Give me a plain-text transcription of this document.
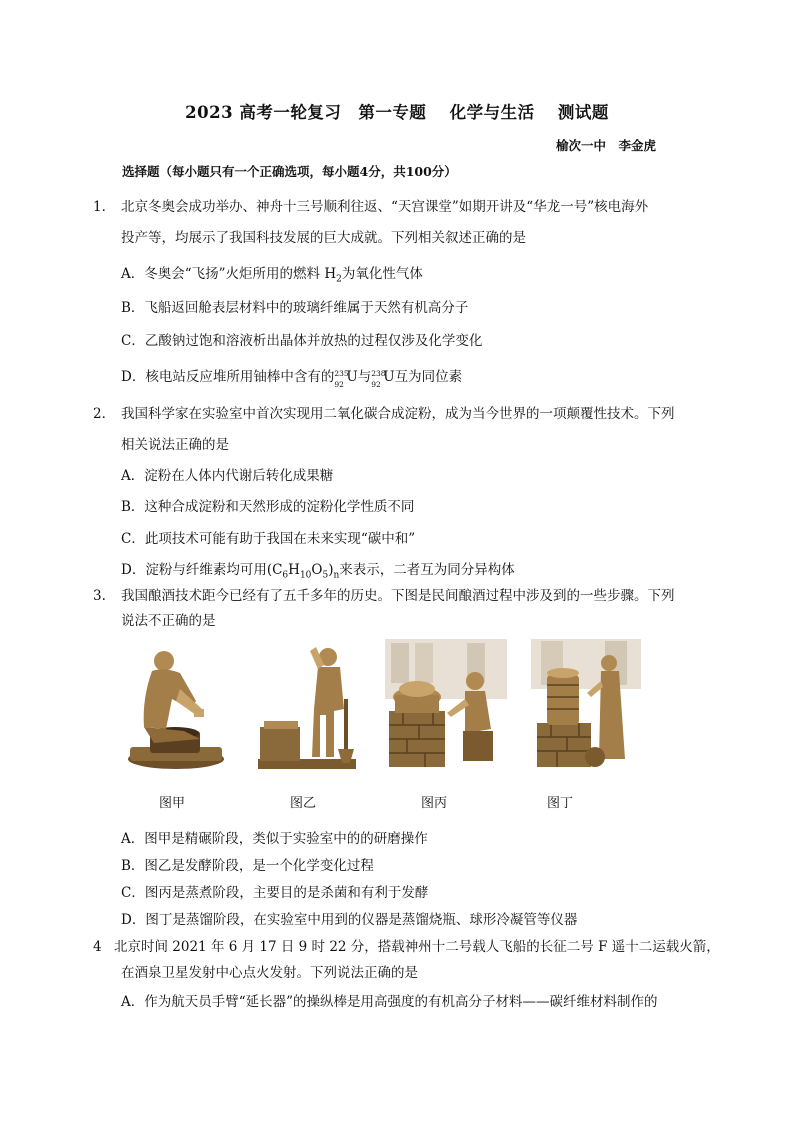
2023 高考一轮复习　第一专题　 化学与生活　 测试题
榆次一中　李金虎
选择题（每小题只有一个正确选项，每小题4分，共100分）
1． 北京冬奥会成功举办、神舟十三号顺利往返、“天宫课堂”如期开讲及“华龙一号”核电海外
投产等，均展示了我国科技发展的巨大成就。下列相关叙述正确的是
A．冬奥会“飞扬”火炬所用的燃料 $H_2$为氧化性气体
B．飞船返回舱表层材料中的玻璃纤维属于天然有机高分子
C．乙酸钠过饱和溶液析出晶体并放热的过程仅涉及化学变化
D．核电站反应堆所用铀棒中含有的 235
92 U与 238
92 U互为同位素
2． 我国科学家在实验室中首次实现用二氧化碳合成淀粉，成为当今世界的一项颠覆性技术。下列
相关说法正确的是
A．淀粉在人体内代谢后转化成果糖
B．这种合成淀粉和天然形成的淀粉化学性质不同
C．此项技术可能有助于我国在未来实现“碳中和”
D．淀粉与纤维素均可用$(C_6H_{10}O_5)_n$来表示，二者互为同分异构体
3. 我国酿酒技术距今已经有了五千多年的历史。下图是民间酿酒过程中涉及到的一些步骤。下列
说法不正确的是
图甲	图乙	图丙	图丁
A．图甲是精碾阶段，类似于实验室中的的研磨操作
B．图乙是发酵阶段，是一个化学变化过程
C．图丙是蒸煮阶段，主要目的是杀菌和有利于发酵
D．图丁是蒸馏阶段，在实验室中用到的仪器是蒸馏烧瓶、球形冷凝管等仪器
4 北京时间 2021 年 6 月 17 日 9 时 22 分，搭载神州十二号载人飞船的长征二号 F 遥十二运载火箭，
在酒泉卫星发射中心点火发射。下列说法正确的是
A．作为航天员手臂“延长器”的操纵棒是用高强度的有机高分子材料——碳纤维材料制作的
